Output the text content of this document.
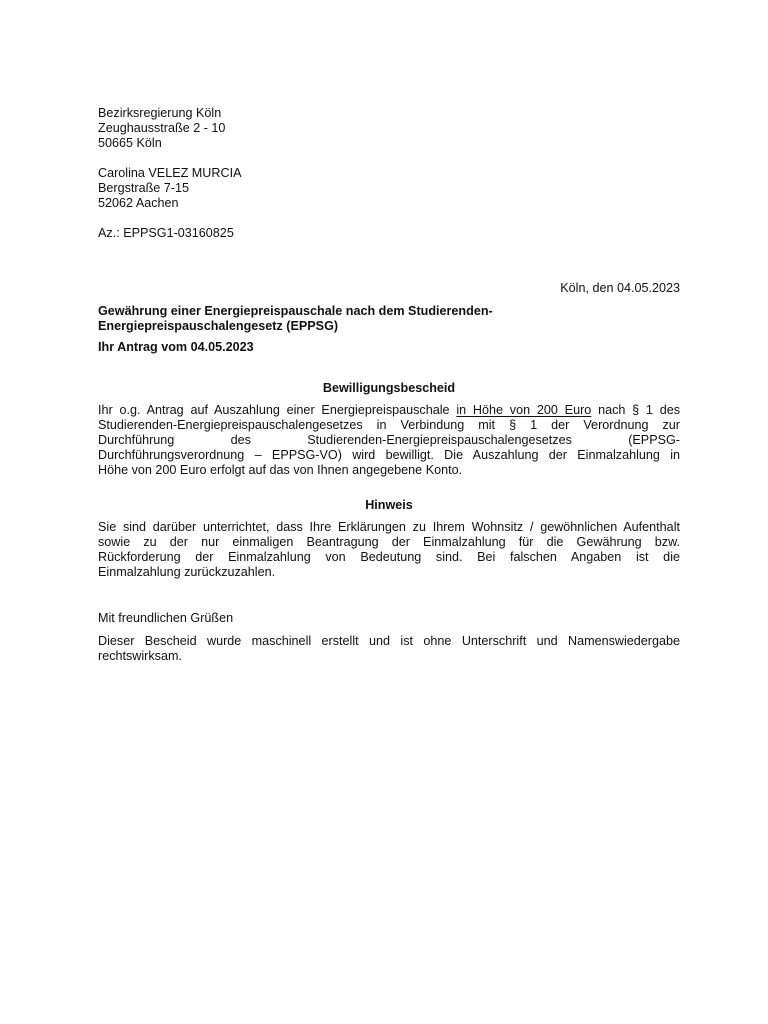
Bezirksregierung Köln
Zeughausstraße 2 - 10
50665 Köln
Carolina VELEZ MURCIA
Bergstraße 7-15
52062 Aachen
Az.: EPPSG1-03160825
Köln, den 04.05.2023
Gewährung einer Energiepreispauschale nach dem Studierenden-
Energiepreispauschalengesetz (EPPSG)
Ihr Antrag vom 04.05.2023
Bewilligungsbescheid
Ihr o.g. Antrag auf Auszahlung einer Energiepreispauschale in Höhe von 200 Euro nach § 1 des
Studierenden-Energiepreispauschalengesetzes in Verbindung mit § 1 der Verordnung zur
Durchführung des Studierenden-Energiepreispauschalengesetzes (EPPSG-
Durchführungsverordnung – EPPSG-VO) wird bewilligt. Die Auszahlung der Einmalzahlung in
Höhe von 200 Euro erfolgt auf das von Ihnen angegebene Konto.
Hinweis
Sie sind darüber unterrichtet, dass Ihre Erklärungen zu Ihrem Wohnsitz / gewöhnlichen Aufenthalt
sowie zu der nur einmaligen Beantragung der Einmalzahlung für die Gewährung bzw.
Rückforderung der Einmalzahlung von Bedeutung sind. Bei falschen Angaben ist die
Einmalzahlung zurückzuzahlen.
Mit freundlichen Grüßen
Dieser Bescheid wurde maschinell erstellt und ist ohne Unterschrift und Namenswiedergabe
rechtswirksam.
